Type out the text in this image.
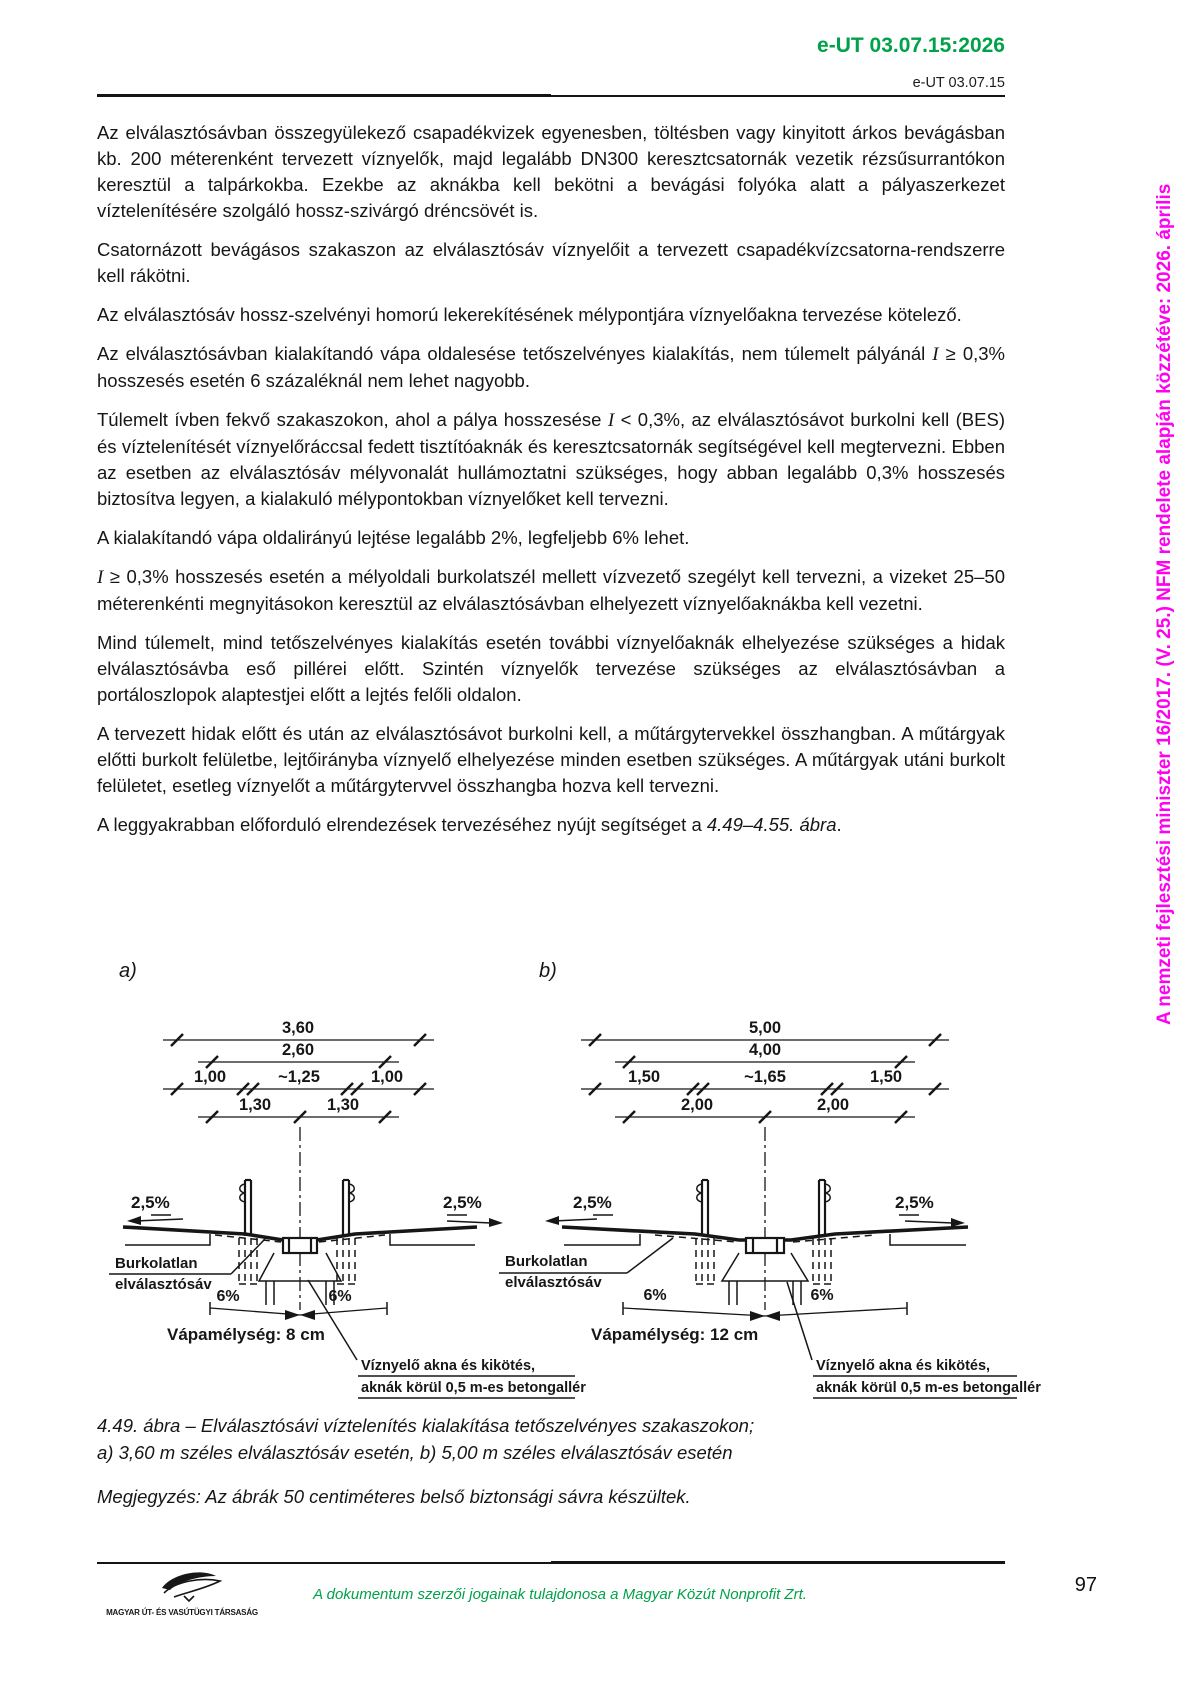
e-UT 03.07.15:2026
e-UT 03.07.15

Az elválasztósávban összegyülekező csapadékvizek egyenesben, töltésben vagy kinyitott árkos bevágásban kb. 200 méterenként tervezett víznyelők, majd legalább DN300 keresztcsatornák vezetik rézsűsurrantókon keresztül a talpárkokba. Ezekbe az aknákba kell bekötni a bevágási folyóka alatt a pályaszerkezet víztelenítésére szolgáló hossz-szivárgó dréncsövét is.

Csatornázott bevágásos szakaszon az elválasztósáv víznyelőit a tervezett csapadékvízcsatorna-rendszerre kell rákötni.

Az elválasztósáv hossz-szelvényi homorú lekerekítésének mélypontjára víznyelőakna tervezése kötelező.

Az elválasztósávban kialakítandó vápa oldalesése tetőszelvényes kialakítás, nem túlemelt pályánál I ≥ 0,3% hosszesés esetén 6 százaléknál nem lehet nagyobb.

Túlemelt ívben fekvő szakaszokon, ahol a pálya hosszesése I < 0,3%, az elválasztósávot burkolni kell (BES) és víztelenítését víznyelőráccsal fedett tisztítóaknák és keresztcsatornák segítségével kell megtervezni. Ebben az esetben az elválasztósáv mélyvonalát hullámoztatni szükséges, hogy abban legalább 0,3% hosszesés biztosítva legyen, a kialakuló mélypontokban víznyelőket kell tervezni.

A kialakítandó vápa oldalirányú lejtése legalább 2%, legfeljebb 6% lehet.

I ≥ 0,3% hosszesés esetén a mélyoldali burkolatszél mellett vízvezető szegélyt kell tervezni, a vizeket 25–50 méterenkénti megnyitásokon keresztül az elválasztósávban elhelyezett víznyelőaknákba kell vezetni.

Mind túlemelt, mind tetőszelvényes kialakítás esetén további víznyelőaknák elhelyezése szükséges a hidak elválasztósávba eső pillérei előtt. Szintén víznyelők tervezése szükséges az elválasztósávban a portáloszlopok alaptestjei előtt a lejtés felőli oldalon.

A tervezett hidak előtt és után az elválasztósávot burkolni kell, a műtárgytervekkel összhangban. A műtárgyak előtti burkolt felületbe, lejtőirányba víznyelő elhelyezése minden esetben szükséges. A műtárgyak utáni burkolt felületet, esetleg víznyelőt a műtárgytervvel összhangba hozva kell tervezni.

A leggyakrabban előforduló elrendezések tervezéséhez nyújt segítséget a 4.49–4.55. ábra.

a)
3,60
2,60
1,00	~1,25	1,00
1,30	1,30
2,5%	2,5%
6%	6%
Burkolatlan
elválasztósáv
Vápamélység: 8 cm
Víznyelő akna és kikötés,
aknák körül 0,5 m-es betongallér
b)
5,00
4,00
1,50	~1,65	1,50
2,00	2,00
2,5%	2,5%
6%	6%
Burkolatlan
elválasztósáv
Vápamélység: 12 cm
Víznyelő akna és kikötés,
aknák körül 0,5 m-es betongallér
4.49. ábra – Elválasztósávi víztelenítés kialakítása tetőszelvényes szakaszokon;
a) 3,60 m széles elválasztósáv esetén, b) 5,00 m széles elválasztósáv esetén
Megjegyzés: Az ábrák 50 centiméteres belső biztonsági sávra készültek.
A nemzeti fejlesztési miniszter 16/2017. (V. 25.) NFM rendelete alapján közzétéve: 2026. április
MAGYAR ÚT- ÉS VASÚTÜGYI TÁRSASÁG
A dokumentum szerzői jogainak tulajdonosa a Magyar Közút Nonprofit Zrt.	97
